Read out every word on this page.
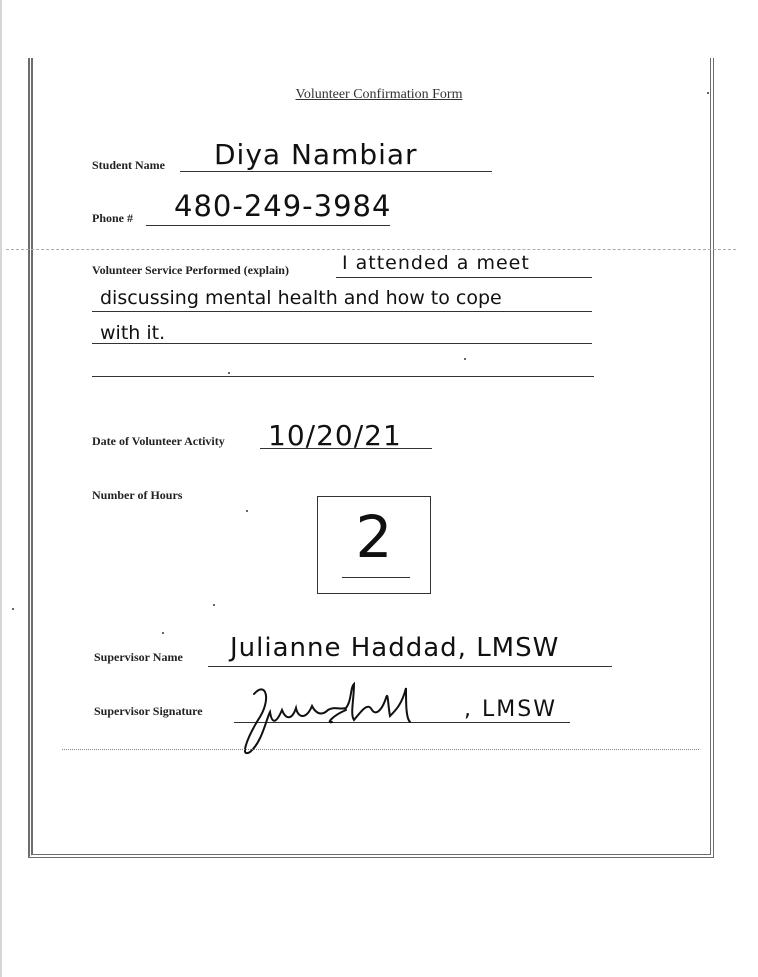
Volunteer Confirmation Form
Student Name Diya Nambiar
Phone # 480-249-3984
Volunteer Service Performed (explain)	I attended a meet
discussing mental health and how to cope
with it.
Date of Volunteer Activity 10/20/21
Number of Hours
2
Supervisor Name Julianne Haddad, LMSW
Supervisor Signature	, LMSW
